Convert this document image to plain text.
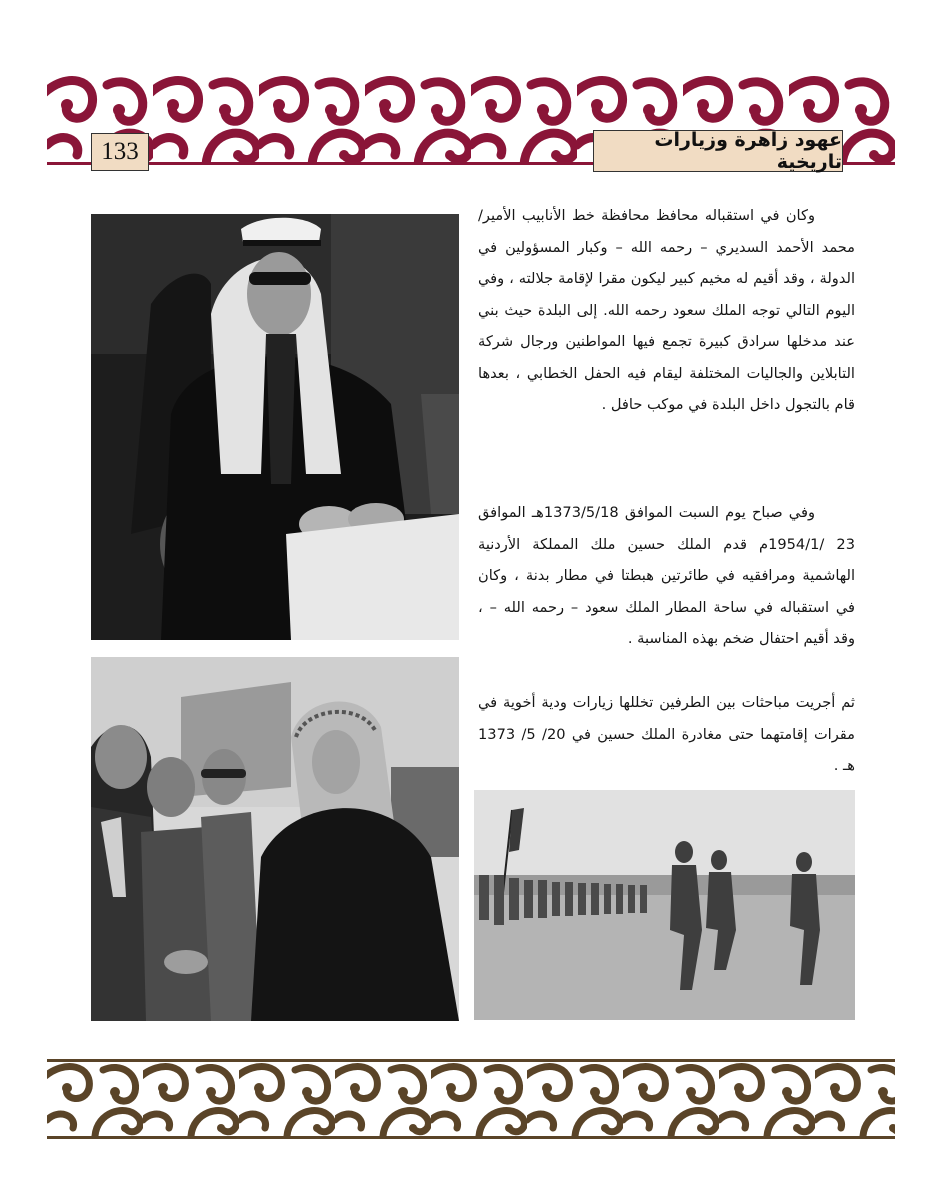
133	عهود زاهرة وزيارات تاريخية
وكان في استقباله محافظ محافظة خط الأنابيب الأمير/ محمد الأحمد السديري – رحمه الله – وكبار المسؤولين في الدولة ، وقد أقيم له مخيم كبير ليكون مقرا لإقامة جلالته ، وفي اليوم التالي توجه الملك سعود رحمه الله. إلى البلدة حيث بني عند مدخلها سرادق كبيرة تجمع فيها المواطنين ورجال شركة التابلاين والجاليات المختلفة ليقام فيه الحفل الخطابي ، بعدها قام بالتجول داخل البلدة في موكب حافل .
وفي صباح يوم السبت الموافق 1373/5/18هـ الموافق 23 /1954/1م قدم الملك حسين ملك المملكة الأردنية الهاشمية ومرافقيه في طائرتين هبطتا في مطار بدنة ، وكان في استقباله في ساحة المطار الملك سعود – رحمه الله – ، وقد أقيم احتفال ضخم بهذه المناسبة .
ثم أجريت مباحثات بين الطرفين تخللها زيارات ودية أخوية في مقرات إقامتهما حتى مغادرة الملك حسين في 20/ 5/ 1373 هـ .
